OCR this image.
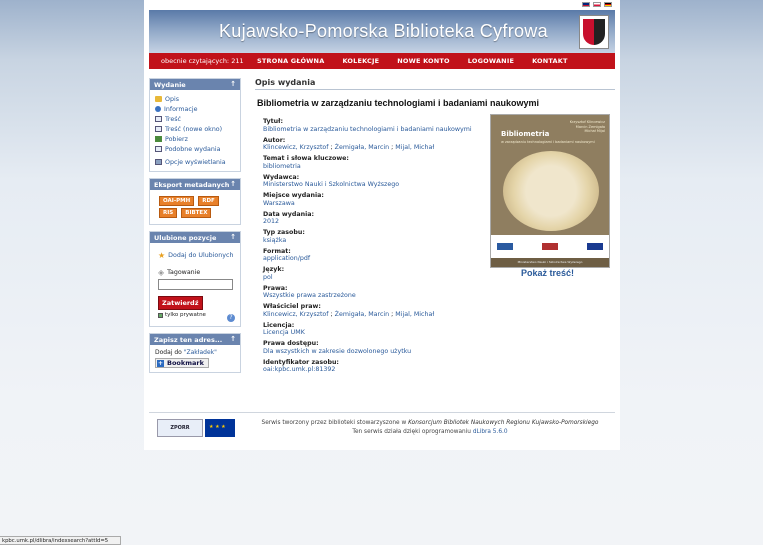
Kujawsko-Pomorska Biblioteka Cyfrowa
obecnie czytających: 211	STRONA GŁÓWNA	KOLEKCJE	NOWE KONTO	LOGOWANIE	KONTAKT
Wydanie	↑
Opis
Informacje
Treść
Treść (nowe okno)
Pobierz
Podobne wydania
Opcje wyświetlania
Eksport metadanych ↑
OAI-PMH	RDF
RIS	BIBTEX
Ulubione pozycje ↑
★ Dodaj do Ulubionych
◈ Tagowanie
Zatwierdź
tylko prywatne	?
Zapisz ten adres... ↑
Dodaj do "Zakładek"
+ Bookmark
Opis wydania
Bibliometria w zarządzaniu technologiami i badaniami naukowymi
Tytuł:
Bibliometria w zarządzaniu technologiami i badaniami naukowymi
Autor:
Klincewicz, Krzysztof ; Żemigała, Marcin ; Mijal, Michał
Temat i słowa kluczowe:
bibliometria
Wydawca:
Ministerstwo Nauki i Szkolnictwa Wyższego
Miejsce wydania:
Warszawa
Data wydania:
2012
Typ zasobu:
książka
Format:
application/pdf
Język:
pol
Prawa:
Wszystkie prawa zastrzeżone
Właściciel praw:
Klincewicz, Krzysztof ; Żemigała, Marcin ; Mijal, Michał
Licencja:
Licencja UMK
Prawa dostępu:
Dla wszystkich w zakresie dozwolonego użytku
Identyfikator zasobu:
oai:kpbc.umk.pl:81392
Krzysztof Klincewicz
Marcin Żemigała
Michał Mijal
Bibliometria
w zarządzaniu technologiami i badaniami naukowymi
Ministerstwo Nauki i Szkolnictwa Wyższego
Pokaż treść!
ZPORR
★ ★ ★
Serwis tworzony przez biblioteki stowarzyszone w Konsorcjum Bibliotek Naukowych Regionu Kujawsko-Pomorskiego
Ten serwis działa dzięki oprogramowaniu dLibra 5.6.0
kpbc.umk.pl/dlibra/indexsearch?attId=5
